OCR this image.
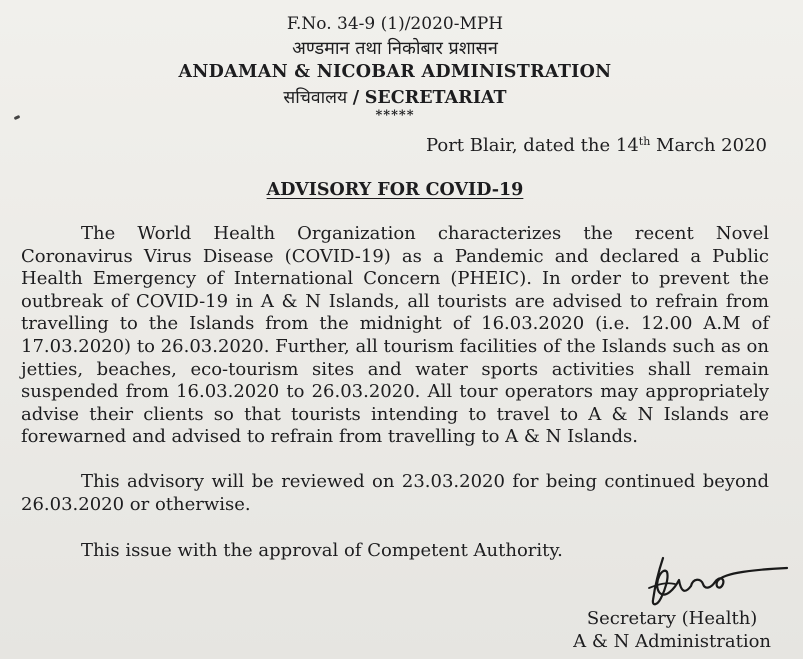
F.No. 34-9 (1)/2020-MPH
अण्डमान तथा निकोबार प्रशासन
ANDAMAN & NICOBAR ADMINISTRATION
सचिवालय / SECRETARIAT
*****
Port Blair, dated the 14th March 2020
ADVISORY FOR COVID-19

The World Health Organization characterizes the recent Novel Coronavirus Virus Disease (COVID-19) as a Pandemic and declared a Public Health Emergency of International Concern (PHEIC). In order to prevent the outbreak of COVID-19 in A & N Islands, all tourists are advised to refrain from travelling to the Islands from the midnight of 16.03.2020 (i.e. 12.00 A.M of 17.03.2020) to 26.03.2020. Further, all tourism facilities of the Islands such as on jetties, beaches, eco-tourism sites and water sports activities shall remain suspended from 16.03.2020 to 26.03.2020. All tour operators may appropriately advise their clients so that tourists intending to travel to A & N Islands are forewarned and advised to refrain from travelling to A & N Islands.

This advisory will be reviewed on 23.03.2020 for being continued beyond 26.03.2020 or otherwise.

This issue with the approval of Competent Authority.

Secretary (Health)
A & N Administration
